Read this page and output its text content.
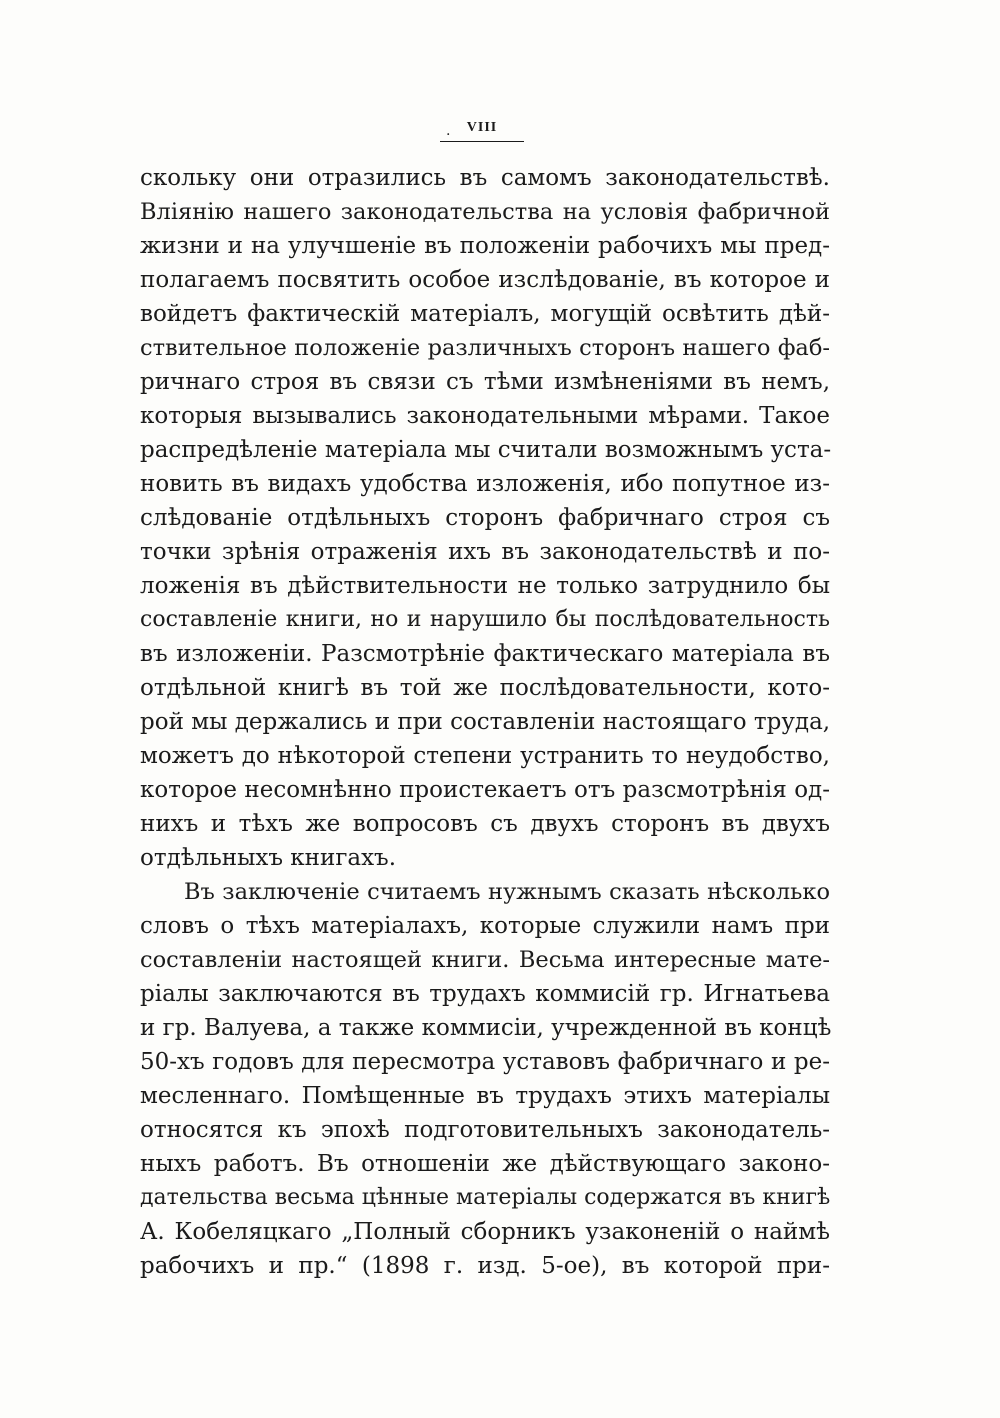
. VIII
скольку они отразились въ самомъ законодательствѣ.
Вліянію нашего законодательства на условія фабричной
жизни и на улучшеніе въ положеніи рабочихъ мы пред-
полагаемъ посвятить особое изслѣдованіе, въ которое и
войдетъ фактическій матеріалъ, могущій освѣтить дѣй-
ствительное положеніе различныхъ сторонъ нашего фаб-
ричнаго строя въ связи съ тѣми измѣненіями въ немъ,
которыя вызывались законодательными мѣрами. Такое
распредѣленіе матеріала мы считали возможнымъ уста-
новить въ видахъ удобства изложенія, ибо попутное из-
слѣдованіе отдѣльныхъ сторонъ фабричнаго строя съ
точки зрѣнія отраженія ихъ въ законодательствѣ и по-
ложенія въ дѣйствительности не только затруднило бы
составленіе книги, но и нарушило бы послѣдовательность
въ изложеніи. Разсмотрѣніе фактическаго матеріала въ
отдѣльной книгѣ въ той же послѣдовательности, кото-
рой мы держались и при составленіи настоящаго труда,
можетъ до нѣкоторой степени устранить то неудобство,
которое несомнѣнно проистекаетъ отъ разсмотрѣнія од-
нихъ и тѣхъ же вопросовъ съ двухъ сторонъ въ двухъ
отдѣльныхъ книгахъ.
Въ заключеніе считаемъ нужнымъ сказать нѣсколько
словъ о тѣхъ матеріалахъ, которые служили намъ при
составленіи настоящей книги. Весьма интересные мате-
ріалы заключаются въ трудахъ коммисій гр. Игнатьева
и гр. Валуева, а также коммисіи, учрежденной въ концѣ
50-хъ годовъ для пересмотра уставовъ фабричнаго и ре-
месленнаго. Помѣщенные въ трудахъ этихъ матеріалы
относятся къ эпохѣ подготовительныхъ законодатель-
ныхъ работъ. Въ отношеніи же дѣйствующаго законо-
дательства весьма цѣнные матеріалы содержатся въ книгѣ
А. Кобеляцкаго „Полный сборникъ узаконеній о наймѣ
рабочихъ и пр.“ (1898 г. изд. 5-ое), въ которой при-
